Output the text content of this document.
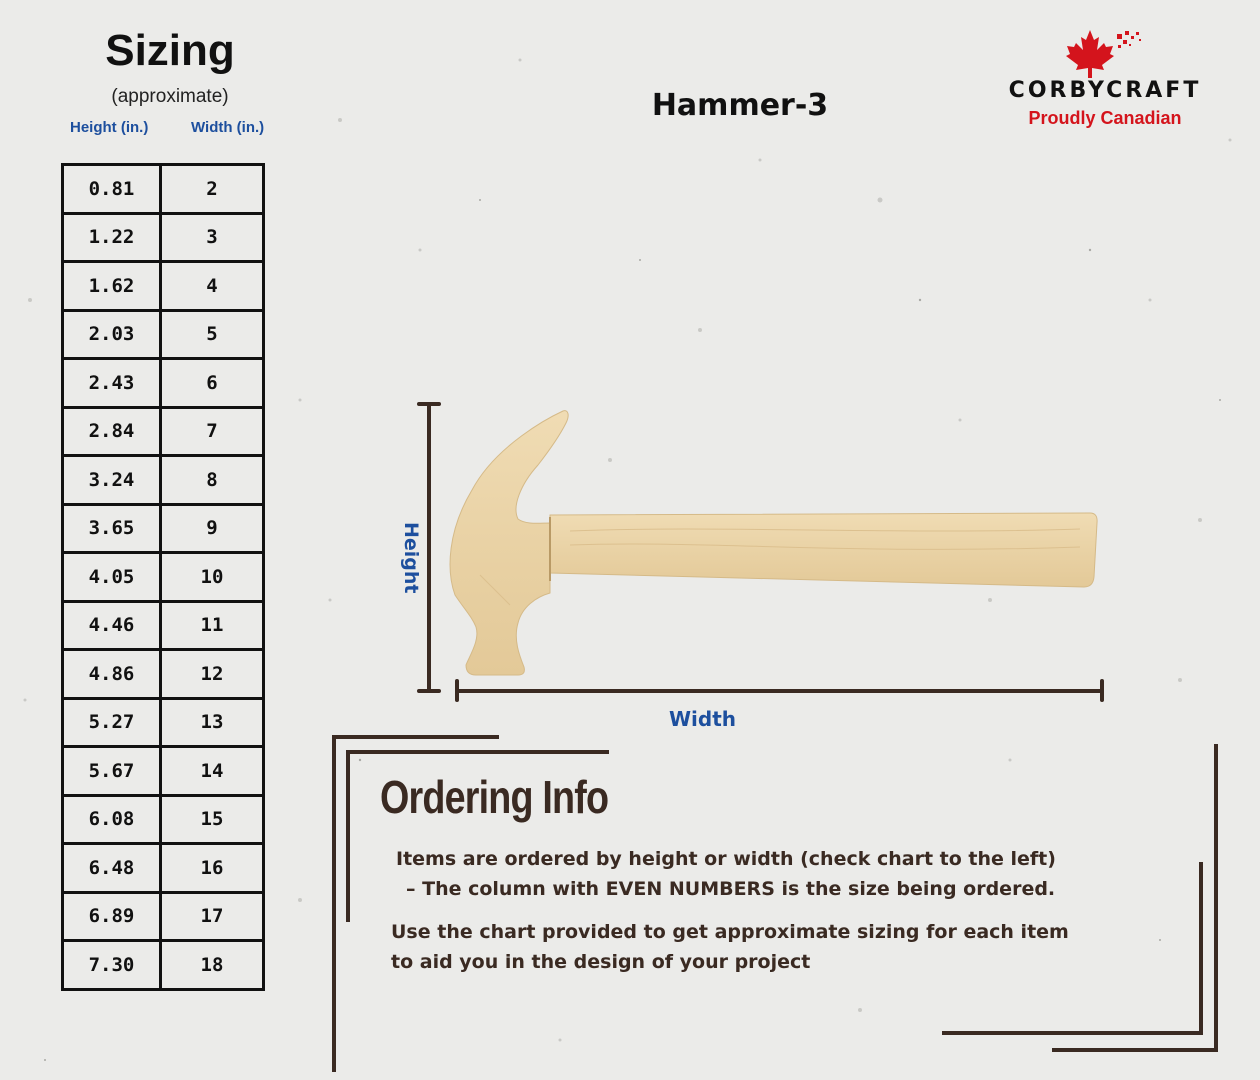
Sizing
(approximate)
Height (in.)	Width (in.)
0.81	2
1.22	3
1.62	4
2.03	5
2.43	6
2.84	7
3.24	8
3.65	9
4.05	10
4.46	11
4.86	12
5.27	13
5.67	14
6.08	15
6.48	16
6.89	17
7.30	18
Hammer-3	CORBYCRAFT
Proudly Canadian
Height
Width
Ordering Info
Items are ordered by height or width (check chart to the left)
– The column with EVEN NUMBERS is the size being ordered.
Use the chart provided to get approximate sizing for each item
to aid you in the design of your project
